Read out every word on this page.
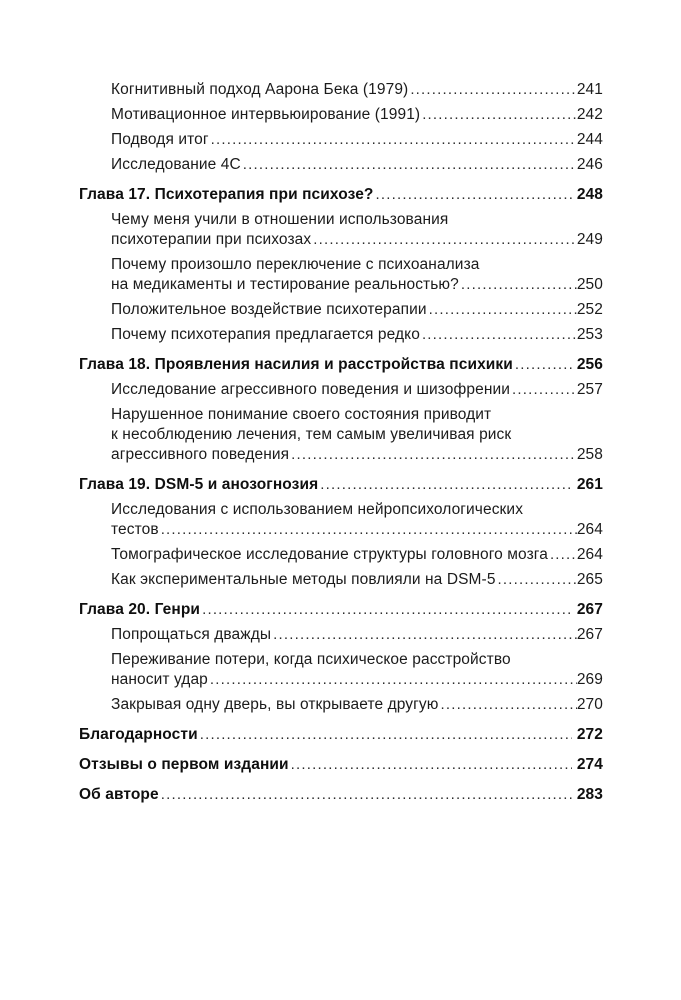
Когнитивный подход Аарона Бека (1979) .....	241
Мотивационное интервьюирование (1991) .....	242
Подводя итог .....	244
Исследование 4С .....	246
Глава 17. Психотерапия при психозе? .....	248
Чему меня учили в отношении использования
психотерапии при психозах .....	249
Почему произошло переключение с психоанализа
на медикаменты и тестирование реальностью? .....	250
Положительное воздействие психотерапии .....	252
Почему психотерапия предлагается редко .....	253
Глава 18. Проявления насилия и расстройства психики .....	256
Исследование агрессивного поведения и шизофрении .....	257
Нарушенное понимание своего состояния приводит
к несоблюдению лечения, тем самым увеличивая риск
агрессивного поведения .....	258
Глава 19. DSM-5 и анозогнозия .....	261
Исследования с использованием нейропсихологических
тестов .....	264
Томографическое исследование структуры головного мозга ..... 264
Как экспериментальные методы повлияли на DSM-5 .....	265
Глава 20. Генри .....	267
Попрощаться дважды .....	267
Переживание потери, когда психическое расстройство
наносит удар .....	269
Закрывая одну дверь, вы открываете другую .....	270
Благодарности .....	272
Отзывы о первом издании .....	274
Об авторе .....	283
